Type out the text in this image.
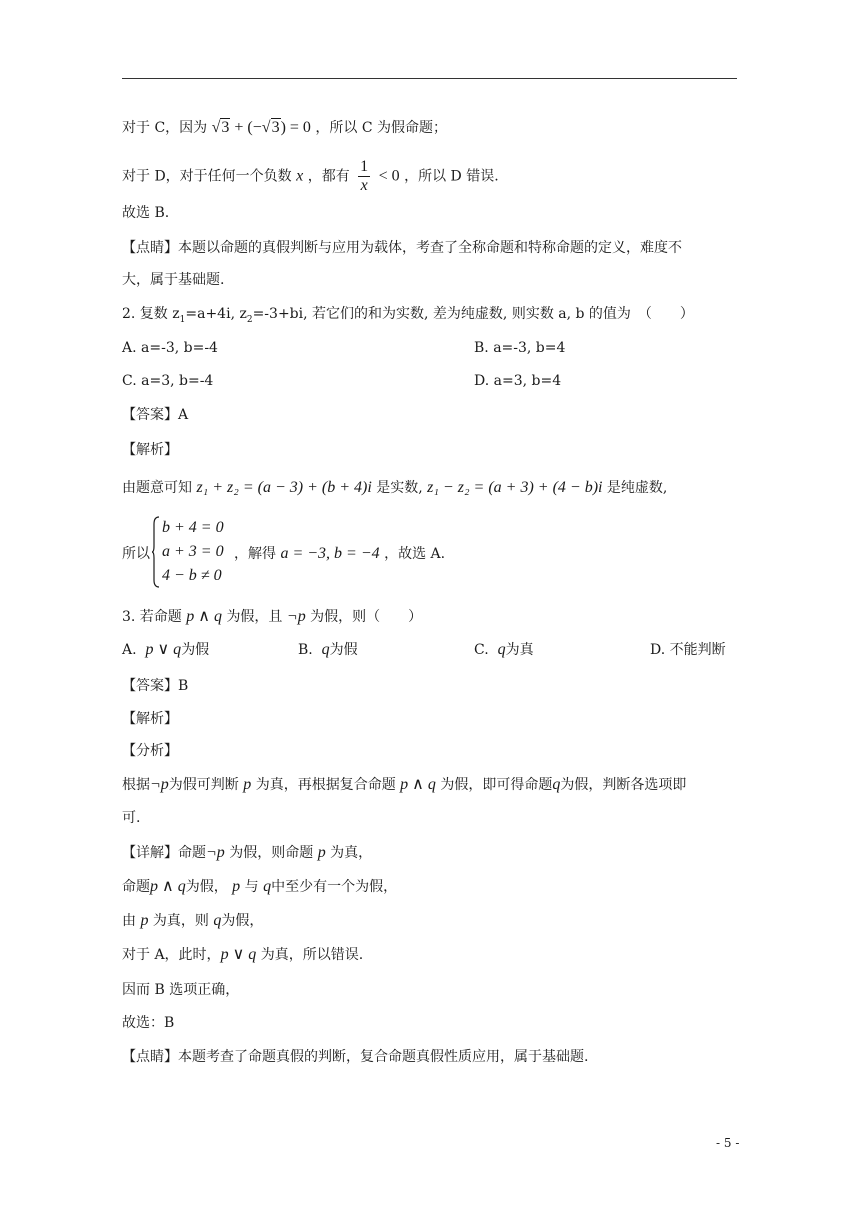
对于 C，因为 √3 + (−√3) = 0 ，所以 C 为假命题；
对于 D，对于任何一个负数 x ，都有 $\frac{1}{x} < 0$ ，所以 D 错误.
故选 B.
【点睛】本题以命题的真假判断与应用为载体，考查了全称命题和特称命题的定义，难度不
大，属于基础题.
2. 复数 $z_1=a+4i$, $z_2=-3+bi$, 若它们的和为实数, 差为纯虚数, 则实数 a, b 的值为　（　　）
A. a=-3, b=-4	B. a=-3, b=4
C. a=3, b=-4	D. a=3, b=4
【答案】A
【解析】
由题意可知 z₁ + z₂ = (a − 3) + (b + 4)i 是实数, z₁ − z₂ = (a + 3) + (4 − b)i 是纯虚数,
所以
b + 4 = 0
a + 3 = 0
4 − b ≠ 0
，解得 a = −3, b = −4 ，故选 A.
3. 若命题 p ∧ q 为假，且 ¬p 为假，则（　　）
A. p ∨ q为假	B. q为假	C. q为真	D. 不能判断
【答案】B
【解析】
【分析】
根据¬p为假可判断 p 为真，再根据复合命题 p ∧ q 为假，即可得命题q为假，判断各选项即
可.
【详解】命题¬p 为假，则命题 p 为真，
命题p ∧ q为假， p 与 q中至少有一个为假，
由 p 为真，则 q为假，
对于 A，此时，p ∨ q 为真，所以错误.
因而 B 选项正确，
故选：B
【点睛】本题考查了命题真假的判断，复合命题真假性质应用，属于基础题.
- 5 -
